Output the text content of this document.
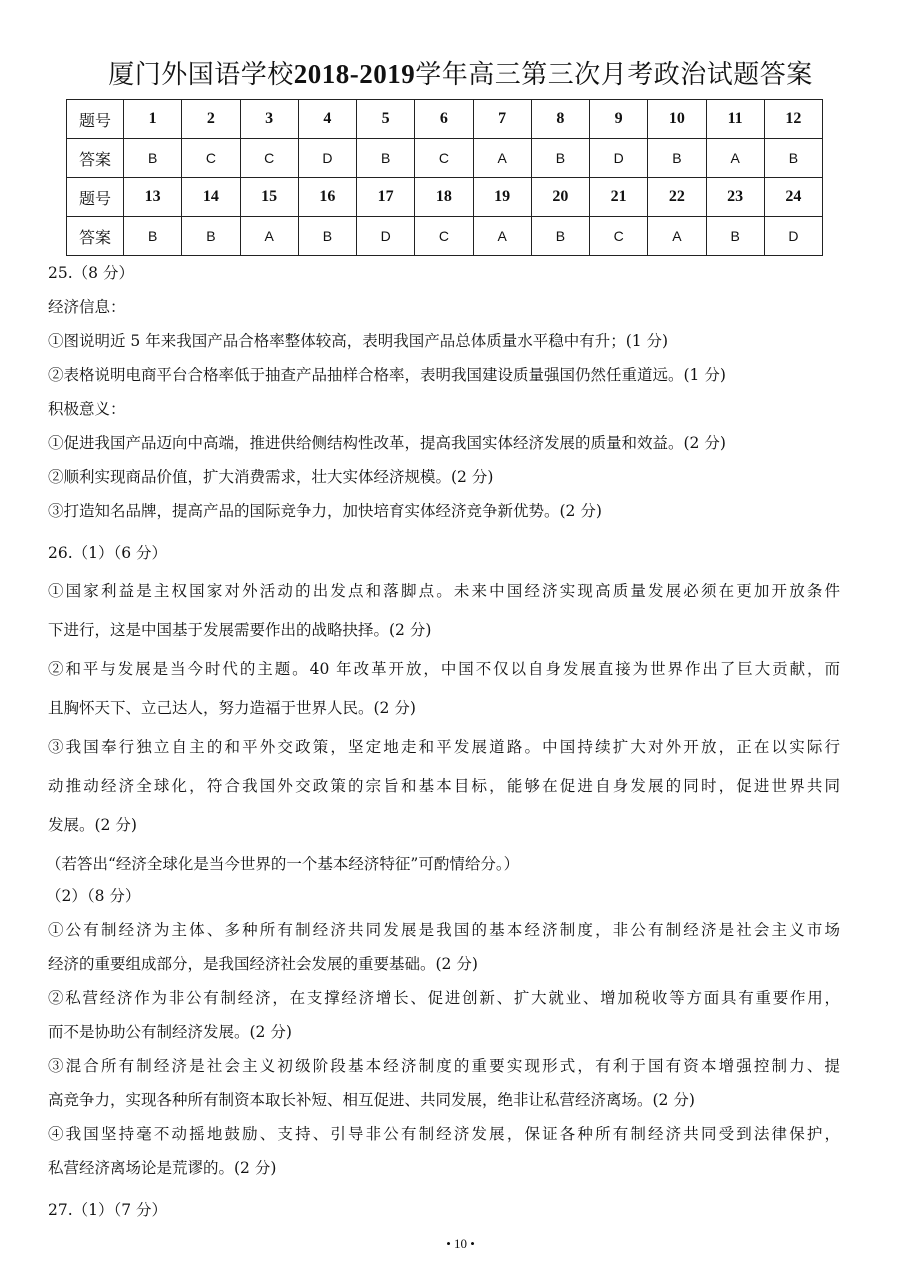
厦门外国语学校2018-2019学年高三第三次月考政治试题答案
题号	1	2	3	4	5	6	7	8	9	10	11	12
答案	B	C	C	D	B	C	A	B	D	B	A	B
题号	13	14	15	16	17	18	19	20	21	22	23	24
答案	B	B	A	B	D	C	A	B	C	A	B	D
25.（8 分）
经济信息：
①图说明近 5 年来我国产品合格率整体较高，表明我国产品总体质量水平稳中有升；(1 分)
②表格说明电商平台合格率低于抽查产品抽样合格率，表明我国建设质量强国仍然任重道远。(1 分)
积极意义：
①促进我国产品迈向中高端，推进供给侧结构性改革，提高我国实体经济发展的质量和效益。(2 分)
②顺利实现商品价值，扩大消费需求，壮大实体经济规模。(2 分)
③打造知名品牌，提高产品的国际竞争力，加快培育实体经济竞争新优势。(2 分)
26.（1）（6 分）
①国家利益是主权国家对外活动的出发点和落脚点。未来中国经济实现高质量发展必须在更加开放条件
下进行，这是中国基于发展需要作出的战略抉择。(2 分)
②和平与发展是当今时代的主题。40 年改革开放，中国不仅以自身发展直接为世界作出了巨大贡献，而
且胸怀天下、立己达人，努力造福于世界人民。(2 分)
③我国奉行独立自主的和平外交政策，坚定地走和平发展道路。中国持续扩大对外开放，正在以实际行
动推动经济全球化，符合我国外交政策的宗旨和基本目标，能够在促进自身发展的同时，促进世界共同
发展。(2 分)
（若答出“经济全球化是当今世界的一个基本经济特征”可酌情给分。）
（2）（8 分）
①公有制经济为主体、多种所有制经济共同发展是我国的基本经济制度，非公有制经济是社会主义市场
经济的重要组成部分，是我国经济社会发展的重要基础。(2 分)
②私营经济作为非公有制经济，在支撑经济增长、促进创新、扩大就业、增加税收等方面具有重要作用，
而不是协助公有制经济发展。(2 分)
③混合所有制经济是社会主义初级阶段基本经济制度的重要实现形式，有利于国有资本增强控制力、提
高竞争力，实现各种所有制资本取长补短、相互促进、共同发展，绝非让私营经济离场。(2 分)
④我国坚持毫不动摇地鼓励、支持、引导非公有制经济发展，保证各种所有制经济共同受到法律保护，
私营经济离场论是荒谬的。(2 分)
27.（1）（7 分）
• 10 •
